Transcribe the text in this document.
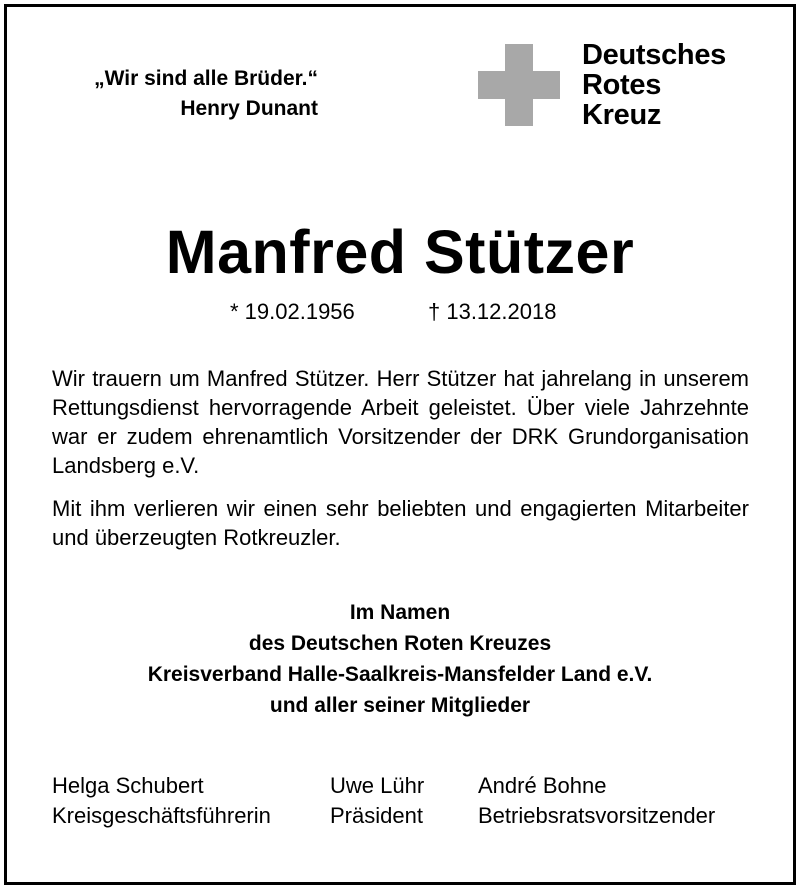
„Wir sind alle Brüder.“
Henry Dunant
Deutsches
Rotes
Kreuz
Manfred Stützer
* 19.02.1956	† 13.12.2018
Wir trauern um Manfred Stützer. Herr Stützer hat jahrelang in unserem Rettungsdienst hervorragende Arbeit geleistet. Über viele Jahrzehnte war er zudem ehrenamtlich Vorsitzender der DRK Grundorganisation Landsberg e.V.
Mit ihm verlieren wir einen sehr beliebten und engagierten Mitarbeiter und überzeugten Rotkreuzler.
Im Namen
des Deutschen Roten Kreuzes
Kreisverband Halle-Saalkreis-Mansfelder Land e.V.
und aller seiner Mitglieder
Helga Schubert
Kreisgeschäftsführerin
Uwe Lühr
Präsident
André Bohne
Betriebsratsvorsitzender
